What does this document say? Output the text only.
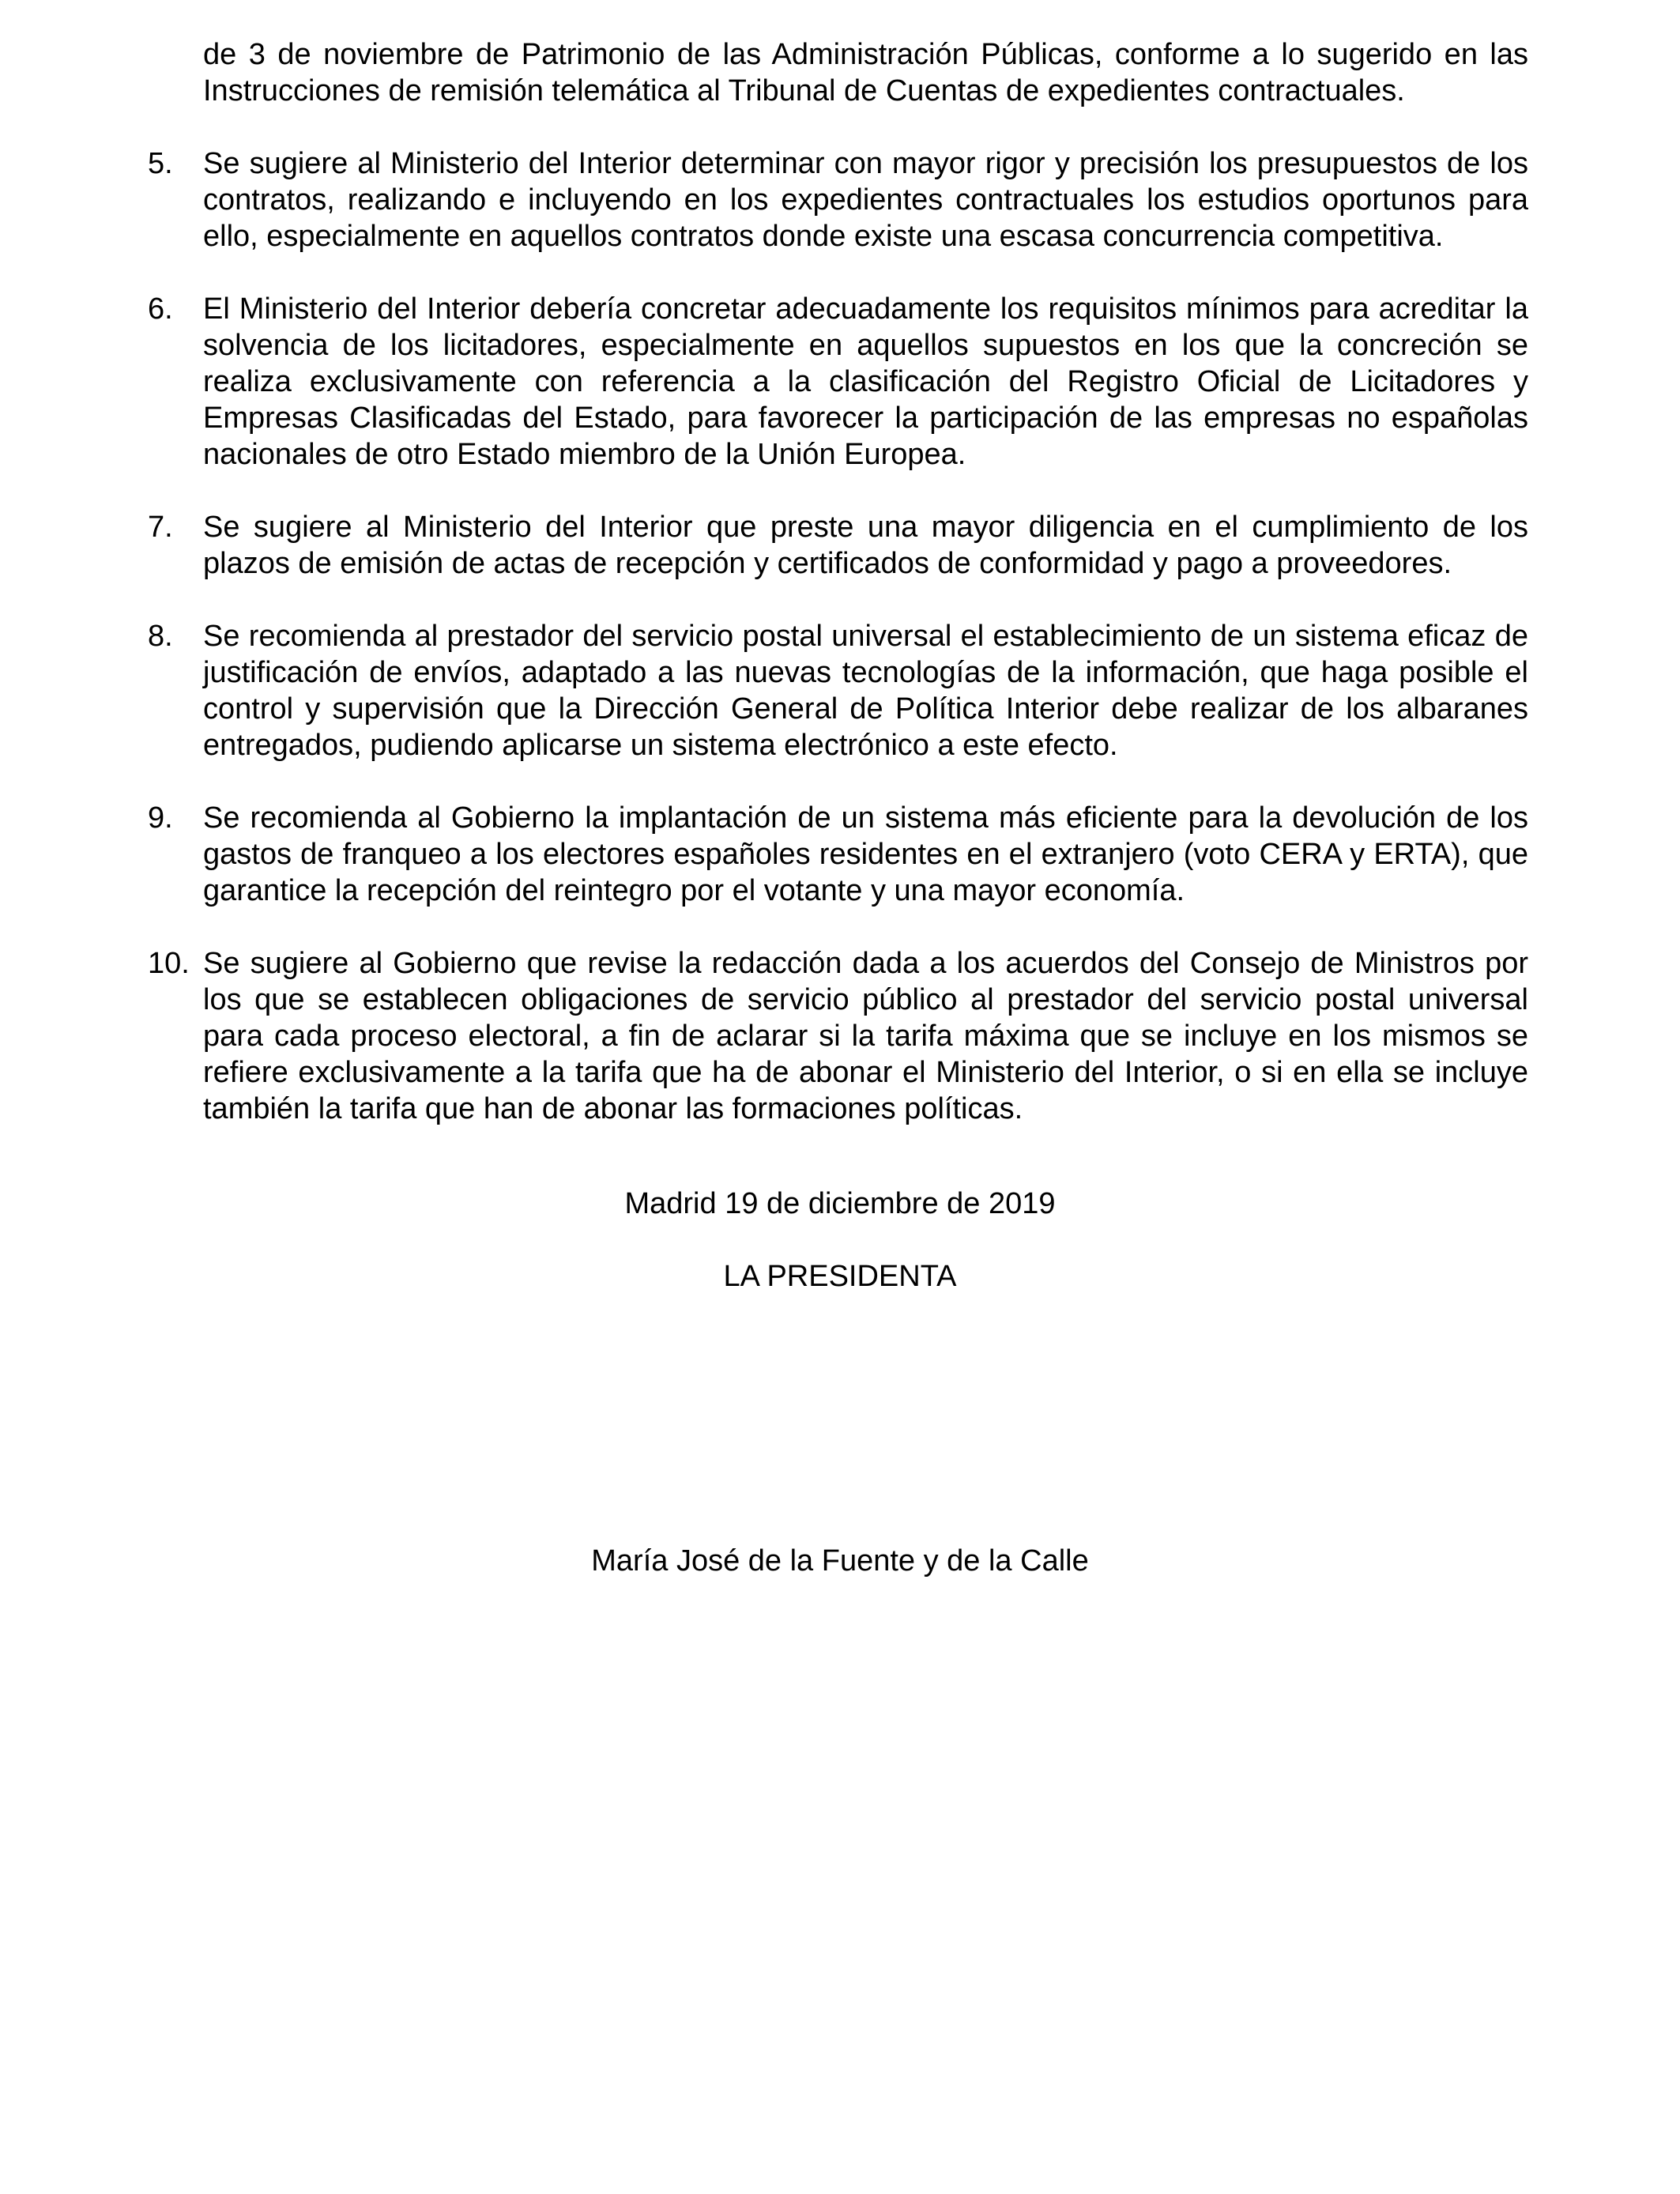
de 3 de noviembre de Patrimonio de las Administración Públicas, conforme a lo sugerido en las Instrucciones de remisión telemática al Tribunal de Cuentas de expedientes contractuales.

5. Se sugiere al Ministerio del Interior determinar con mayor rigor y precisión los presupuestos de los contratos, realizando e incluyendo en los expedientes contractuales los estudios oportunos para ello, especialmente en aquellos contratos donde existe una escasa concurrencia competitiva.

6. El Ministerio del Interior debería concretar adecuadamente los requisitos mínimos para acreditar la solvencia de los licitadores, especialmente en aquellos supuestos en los que la concreción se realiza exclusivamente con referencia a la clasificación del Registro Oficial de Licitadores y Empresas Clasificadas del Estado, para favorecer la participación de las empresas no españolas nacionales de otro Estado miembro de la Unión Europea.

7. Se sugiere al Ministerio del Interior que preste una mayor diligencia en el cumplimiento de los plazos de emisión de actas de recepción y certificados de conformidad y pago a proveedores.

8. Se recomienda al prestador del servicio postal universal el establecimiento de un sistema eficaz de justificación de envíos, adaptado a las nuevas tecnologías de la información, que haga posible el control y supervisión que la Dirección General de Política Interior debe realizar de los albaranes entregados, pudiendo aplicarse un sistema electrónico a este efecto.

9. Se recomienda al Gobierno la implantación de un sistema más eficiente para la devolución de los gastos de franqueo a los electores españoles residentes en el extranjero (voto CERA y ERTA), que garantice la recepción del reintegro por el votante y una mayor economía.

10. Se sugiere al Gobierno que revise la redacción dada a los acuerdos del Consejo de Ministros por los que se establecen obligaciones de servicio público al prestador del servicio postal universal para cada proceso electoral, a fin de aclarar si la tarifa máxima que se incluye en los mismos se refiere exclusivamente a la tarifa que ha de abonar el Ministerio del Interior, o si en ella se incluye también la tarifa que han de abonar las formaciones políticas.

Madrid 19 de diciembre de 2019
LA PRESIDENTA
María José de la Fuente y de la Calle
